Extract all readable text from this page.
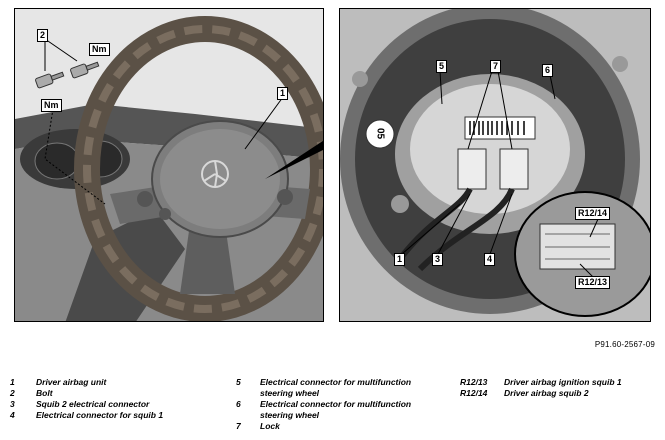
2
Nm
Nm
1
05
5	7	6
1	3	4
R12/14
R12/13
P91.60-2567-09
1	Driver airbag unit
2	Bolt
3	Squib 2 electrical connector
4	Electrical connector for squib 1
5	Electrical connector for multifunction steering wheel
6	Electrical connector for multifunction steering wheel
7	Lock
R12/13	Driver airbag ignition squib 1
R12/14	Driver airbag squib 2
